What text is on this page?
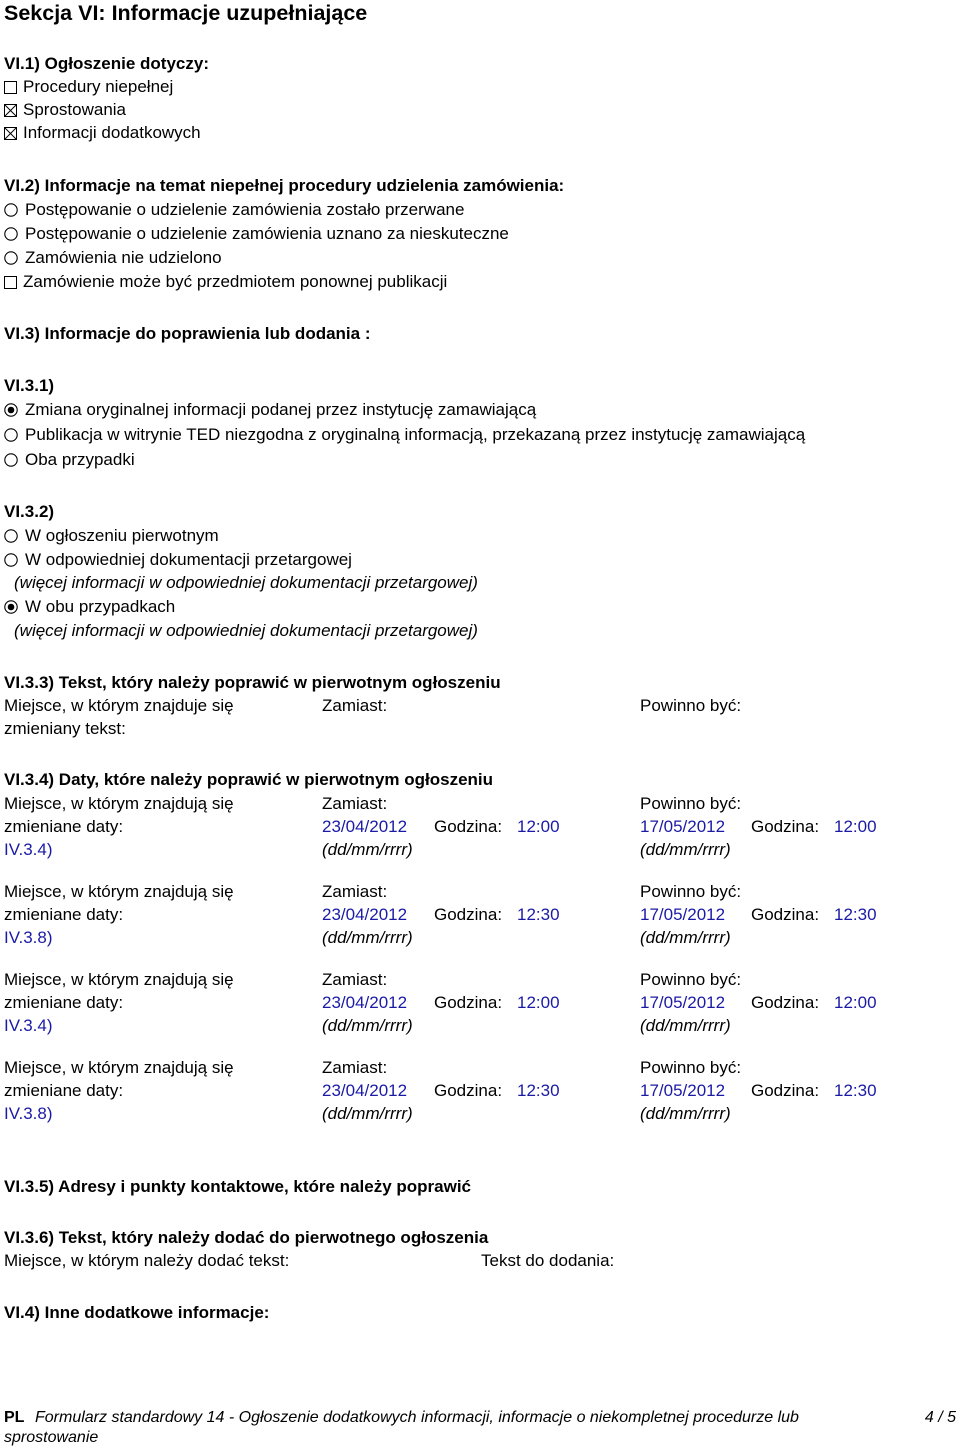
Sekcja VI: Informacje uzupełniające
VI.1) Ogłoszenie dotyczy:
Procedury niepełnej
Sprostowania
Informacji dodatkowych
VI.2) Informacje na temat niepełnej procedury udzielenia zamówienia:
Postępowanie o udzielenie zamówienia zostało przerwane
Postępowanie o udzielenie zamówienia uznano za nieskuteczne
Zamówienia nie udzielono
Zamówienie może być przedmiotem ponownej publikacji
VI.3) Informacje do poprawienia lub dodania :
VI.3.1)
Zmiana oryginalnej informacji podanej przez instytucję zamawiającą
Publikacja w witrynie TED niezgodna z oryginalną informacją, przekazaną przez instytucję zamawiającą
Oba przypadki
VI.3.2)
W ogłoszeniu pierwotnym
W odpowiedniej dokumentacji przetargowej
(więcej informacji w odpowiedniej dokumentacji przetargowej)
W obu przypadkach
(więcej informacji w odpowiedniej dokumentacji przetargowej)
VI.3.3) Tekst, który należy poprawić w pierwotnym ogłoszeniu
Miejsce, w którym znajduje się	Zamiast:	Powinno być:
zmieniany tekst:
VI.3.4) Daty, które należy poprawić w pierwotnym ogłoszeniu
Miejsce, w którym znajdują się	Zamiast:	Powinno być:
zmieniane daty:	23/04/2012 Godzina: 12:00	17/05/2012 Godzina: 12:00
IV.3.4)	(dd/mm/rrrr)	(dd/mm/rrrr)
Miejsce, w którym znajdują się	Zamiast:	Powinno być:
zmieniane daty:	23/04/2012 Godzina: 12:30	17/05/2012 Godzina: 12:30
IV.3.8)	(dd/mm/rrrr)	(dd/mm/rrrr)
Miejsce, w którym znajdują się	Zamiast:	Powinno być:
zmieniane daty:	23/04/2012 Godzina: 12:00	17/05/2012 Godzina: 12:00
IV.3.4)	(dd/mm/rrrr)	(dd/mm/rrrr)
Miejsce, w którym znajdują się	Zamiast:	Powinno być:
zmieniane daty:	23/04/2012 Godzina: 12:30	17/05/2012 Godzina: 12:30
IV.3.8)	(dd/mm/rrrr)	(dd/mm/rrrr)
VI.3.5) Adresy i punkty kontaktowe, które należy poprawić
VI.3.6) Tekst, który należy dodać do pierwotnego ogłoszenia
Miejsce, w którym należy dodać tekst:	Tekst do dodania:
VI.4) Inne dodatkowe informacje:
PL Formularz standardowy 14 - Ogłoszenie dodatkowych informacji, informacje o niekompletnej procedurze lub	4 / 5
sprostowanie
